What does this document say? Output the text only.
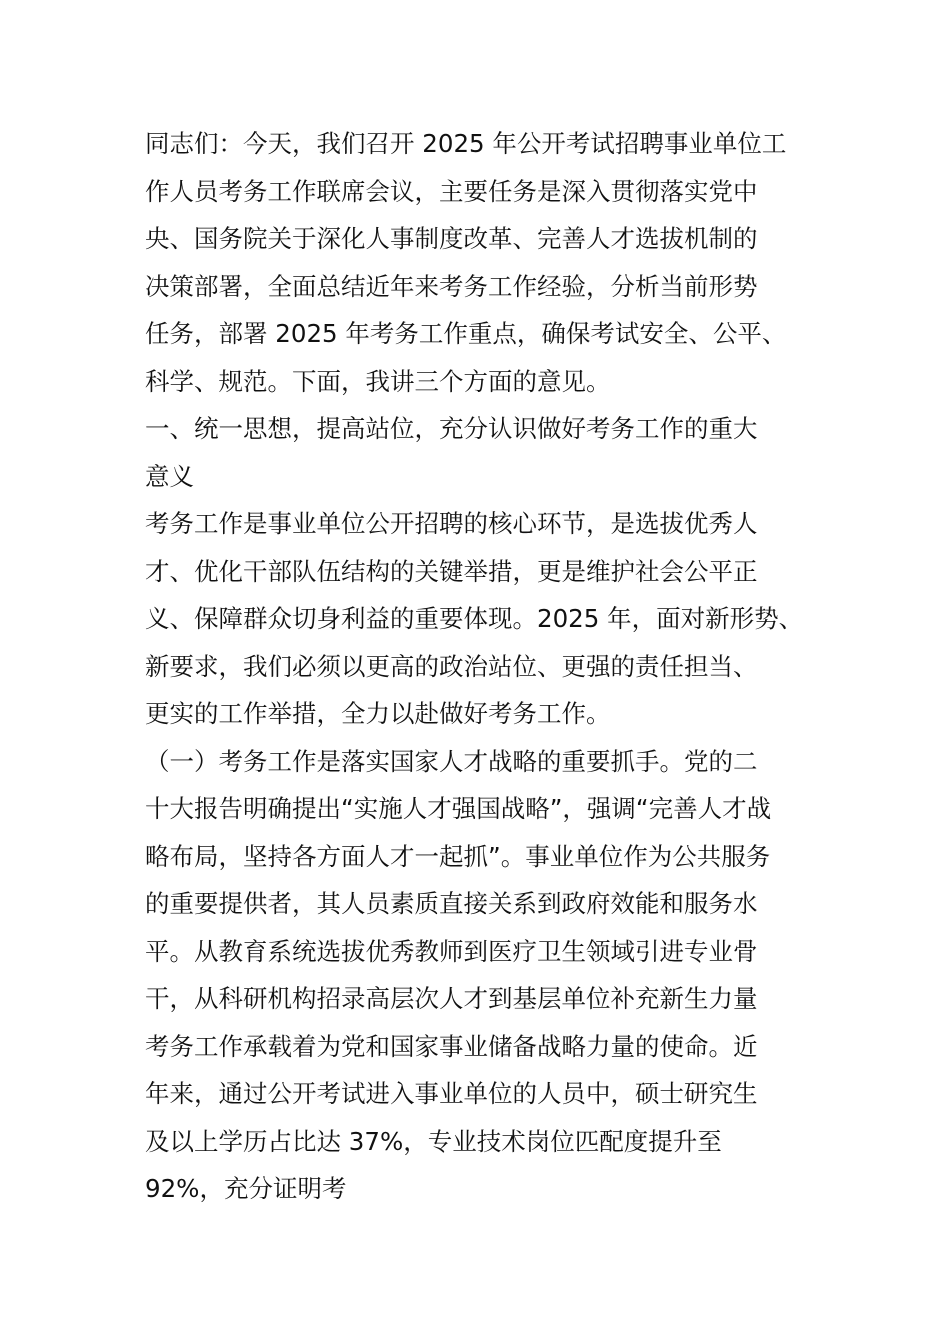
同志们：今天，我们召开 2025 年公开考试招聘事业单位工
作人员考务工作联席会议，主要任务是深入贯彻落实党中
央、国务院关于深化人事制度改革、完善人才选拔机制的
决策部署，全面总结近年来考务工作经验，分析当前形势
任务，部署 2025 年考务工作重点，确保考试安全、公平、
科学、规范。下面，我讲三个方面的意见。
一、统一思想，提高站位，充分认识做好考务工作的重大
意义
考务工作是事业单位公开招聘的核心环节，是选拔优秀人
才、优化干部队伍结构的关键举措，更是维护社会公平正
义、保障群众切身利益的重要体现。2025 年，面对新形势、
新要求，我们必须以更高的政治站位、更强的责任担当、
更实的工作举措，全力以赴做好考务工作。
（一）考务工作是落实国家人才战略的重要抓手。党的二
十大报告明确提出“实施人才强国战略”，强调“完善人才战
略布局，坚持各方面人才一起抓”。事业单位作为公共服务
的重要提供者，其人员素质直接关系到政府效能和服务水
平。从教育系统选拔优秀教师到医疗卫生领域引进专业骨
干，从科研机构招录高层次人才到基层单位补充新生力量
考务工作承载着为党和国家事业储备战略力量的使命。近
年来，通过公开考试进入事业单位的人员中，硕士研究生
及以上学历占比达 37%，专业技术岗位匹配度提升至
92%，充分证明考
